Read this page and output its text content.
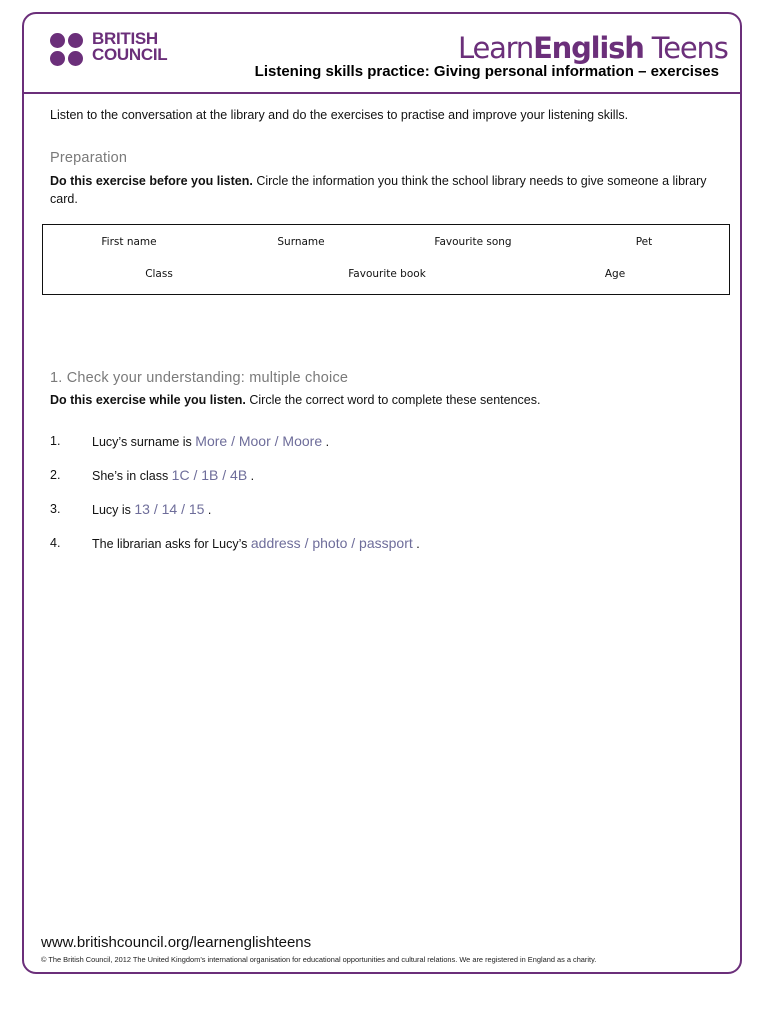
BRITISH
COUNCIL	LearnEnglish Teens
Listening skills practice: Giving personal information – exercises
Listen to the conversation at the library and do the exercises to practise and improve your listening skills.
Preparation
Do this exercise before you listen. Circle the information you think the school library needs to give someone a library card.
First name	Surname	Favourite song	Pet
Class	Favourite book	Age
1. Check your understanding: multiple choice
Do this exercise while you listen. Circle the correct word to complete these sentences.
1.	Lucy’s surname is More / Moor / Moore .
2.	She’s in class 1C / 1B / 4B .
3.	Lucy is 13 / 14 / 15 .
4.	The librarian asks for Lucy’s address / photo / passport .
www.britishcouncil.org/learnenglishteens
© The British Council, 2012 The United Kingdom’s international organisation for educational opportunities and cultural relations. We are registered in England as a charity.
